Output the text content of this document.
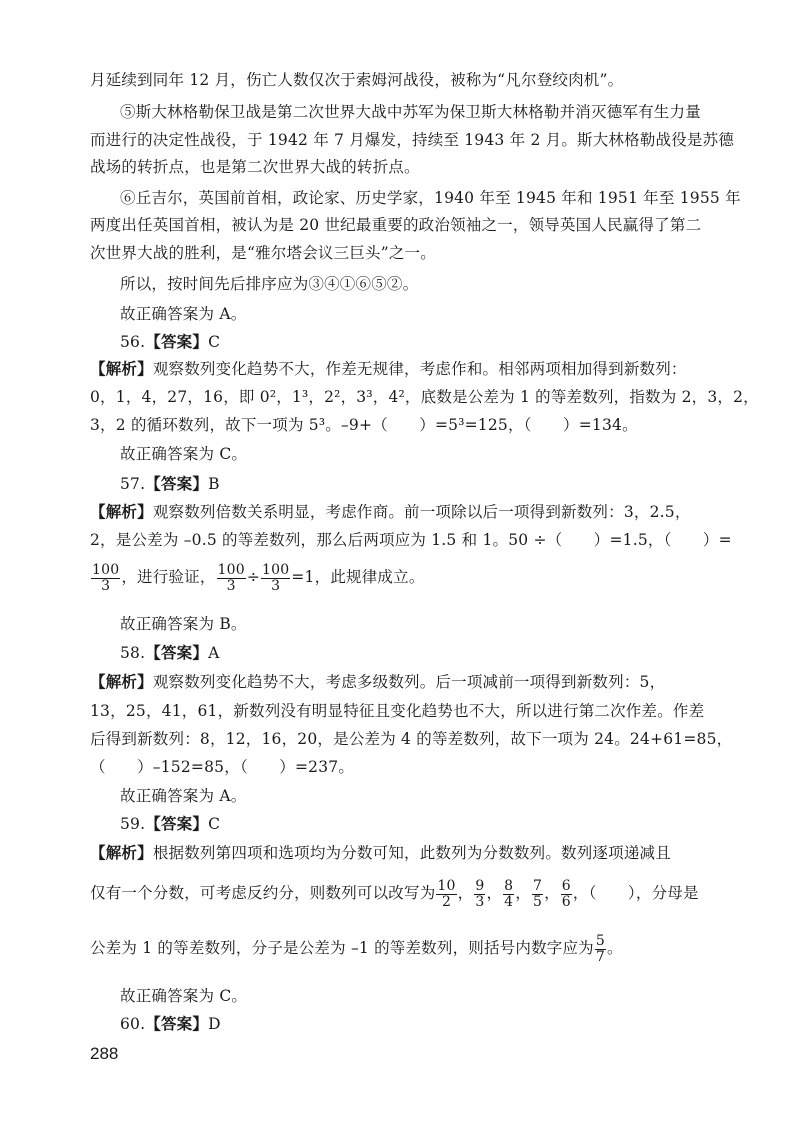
月延续到同年 12 月，伤亡人数仅次于索姆河战役，被称为“凡尔登绞肉机”。
⑤斯大林格勒保卫战是第二次世界大战中苏军为保卫斯大林格勒并消灭德军有生力量
而进行的决定性战役，于 1942 年 7 月爆发，持续至 1943 年 2 月。斯大林格勒战役是苏德
战场的转折点，也是第二次世界大战的转折点。
⑥丘吉尔，英国前首相，政论家、历史学家，1940 年至 1945 年和 1951 年至 1955 年
两度出任英国首相，被认为是 20 世纪最重要的政治领袖之一，领导英国人民赢得了第二
次世界大战的胜利，是“雅尔塔会议三巨头”之一。
所以，按时间先后排序应为③④①⑥⑤②。
故正确答案为 A。
56.【答案】C
【解析】观察数列变化趋势不大，作差无规律，考虑作和。相邻两项相加得到新数列：
0，1，4，27，16，即 0²，1³，2²，3³，4²，底数是公差为 1 的等差数列，指数为 2，3，2，
3，2 的循环数列，故下一项为 5³。–9+（　　）=5³=125，（　　）=134。
故正确答案为 C。
57.【答案】B
【解析】观察数列倍数关系明显，考虑作商。前一项除以后一项得到新数列：3，2.5，
2，是公差为 –0.5 的等差数列，那么后两项应为 1.5 和 1。50 ÷（　　）=1.5，（　　）=
$\frac{100}{3}$ ，进行验证， $\frac{100}{3} \div \frac{100}{3} =1$，此规律成立。
故正确答案为 B。
58.【答案】A
【解析】观察数列变化趋势不大，考虑多级数列。后一项减前一项得到新数列：5，
13，25，41，61，新数列没有明显特征且变化趋势也不大，所以进行第二次作差。作差
后得到新数列：8，12，16，20，是公差为 4 的等差数列，故下一项为 24。24+61=85，
（　　）–152=85，（　　）=237。
故正确答案为 A。
59.【答案】C
【解析】根据数列第四项和选项均为分数可知，此数列为分数数列。数列逐项递减且
仅有一个分数，可考虑反约分，则数列可以改写为 $\frac{10}{2}$ ， $\frac{9}{3}$ ， $\frac{8}{4}$ ， $\frac{7}{5}$ ， $\frac{6}{6}$ ，（　　），分母是
公差为 1 的等差数列，分子是公差为 –1 的等差数列，则括号内数字应为 $\frac{5}{7}$ 。
故正确答案为 C。
60.【答案】D
288
